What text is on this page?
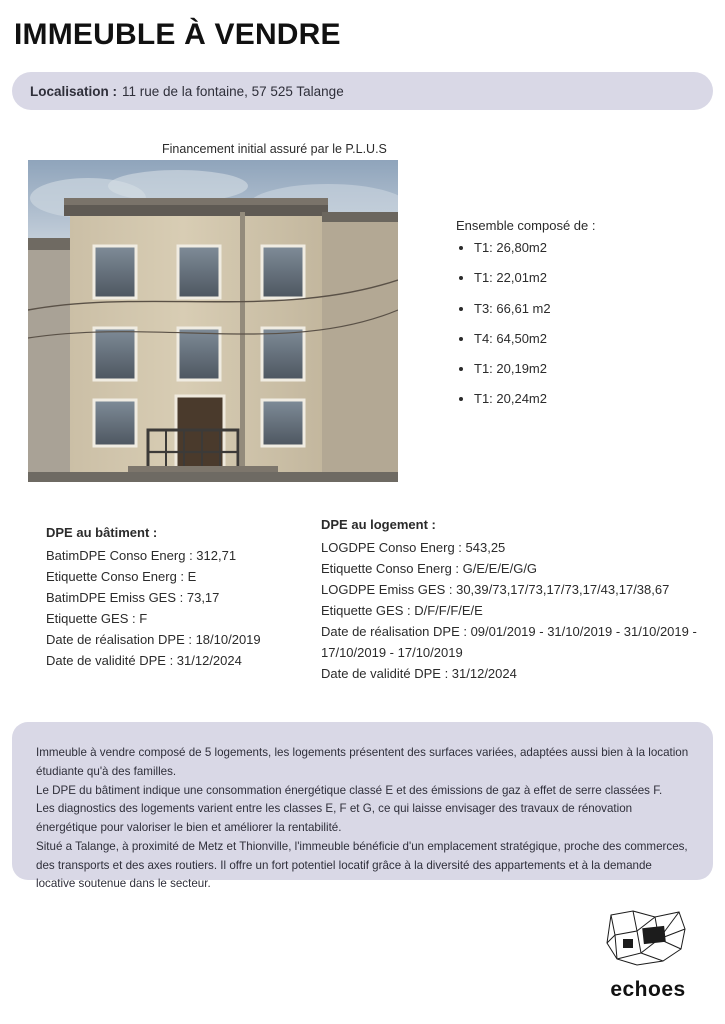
IMMEUBLE À VENDRE
Localisation : 11 rue de la fontaine, 57 525 Talange
Financement initial assuré par le P.L.U.S
Ensemble composé de :
• T1: 26,80m2
• T1: 22,01m2
• T3: 66,61 m2
• T4: 64,50m2
• T1: 20,19m2
• T1: 20,24m2
DPE au bâtiment :
BatimDPE Conso Energ : 312,71
Etiquette Conso Energ : E
BatimDPE Emiss GES : 73,17
Etiquette GES : F
Date de réalisation DPE : 18/10/2019
Date de validité DPE : 31/12/2024
DPE au logement :
LOGDPE Conso Energ : 543,25
Etiquette Conso Energ : G/E/E/E/G/G
LOGDPE Emiss GES : 30,39/73,17/73,17/73,17/43,17/38,67
Etiquette GES : D/F/F/F/E/E
Date de réalisation DPE : 09/01/2019 - 31/10/2019 - 31/10/2019 - 17/10/2019 - 17/10/2019
Date de validité DPE : 31/12/2024

Immeuble à vendre composé de 5 logements, les logements présentent des surfaces variées, adaptées aussi bien à la location étudiante qu'à des familles.

Le DPE du bâtiment indique une consommation énergétique classé E et des émissions de gaz à effet de serre classées F.

Les diagnostics des logements varient entre les classes E, F et G, ce qui laisse envisager des travaux de rénovation énergétique pour valoriser le bien et améliorer la rentabilité.

Situé a Talange, à proximité de Metz et Thionville, l'immeuble bénéficie d'un emplacement stratégique, proche des commerces, des transports et des axes routiers. Il offre un fort potentiel locatif grâce à la diversité des appartements et à la demande locative soutenue dans le secteur.

echoes
